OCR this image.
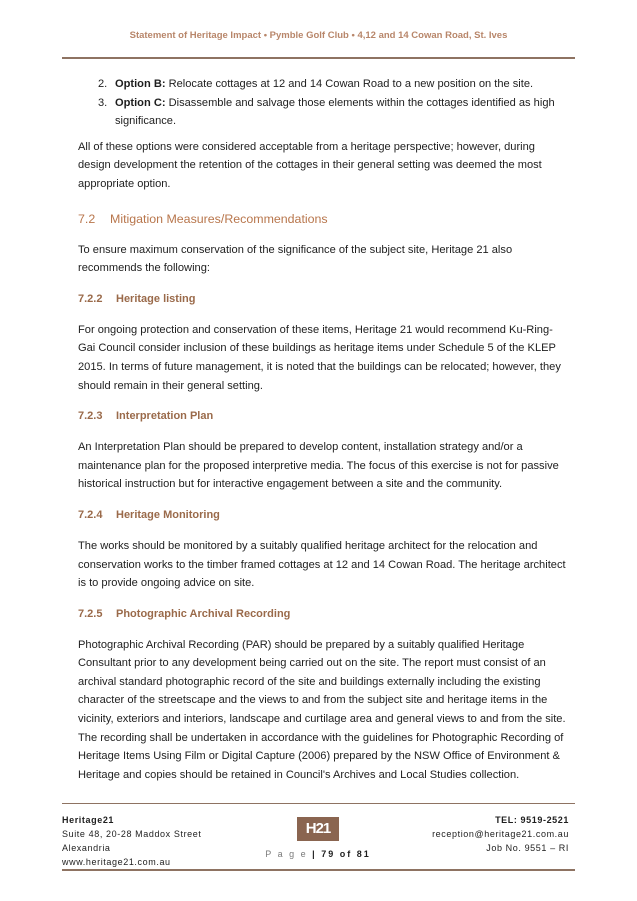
Statement of Heritage Impact • Pymble Golf Club • 4,12 and 14 Cowan Road, St. Ives
2. Option B: Relocate cottages at 12 and 14 Cowan Road to a new position on the site.
3. Option C: Disassemble and salvage those elements within the cottages identified as high significance.

All of these options were considered acceptable from a heritage perspective; however, during design development the retention of the cottages in their general setting was deemed the most appropriate option.

7.2 Mitigation Measures/Recommendations

To ensure maximum conservation of the significance of the subject site, Heritage 21 also recommends the following:

7.2.2 Heritage listing

For ongoing protection and conservation of these items, Heritage 21 would recommend Ku-Ring-Gai Council consider inclusion of these buildings as heritage items under Schedule 5 of the KLEP 2015. In terms of future management, it is noted that the buildings can be relocated; however, they should remain in their general setting.

7.2.3 Interpretation Plan

An Interpretation Plan should be prepared to develop content, installation strategy and/or a maintenance plan for the proposed interpretive media. The focus of this exercise is not for passive historical instruction but for interactive engagement between a site and the community.

7.2.4 Heritage Monitoring

The works should be monitored by a suitably qualified heritage architect for the relocation and conservation works to the timber framed cottages at 12 and 14 Cowan Road. The heritage architect is to provide ongoing advice on site.

7.2.5 Photographic Archival Recording

Photographic Archival Recording (PAR) should be prepared by a suitably qualified Heritage Consultant prior to any development being carried out on the site. The report must consist of an archival standard photographic record of the site and buildings externally including the existing character of the streetscape and the views to and from the subject site and heritage items in the vicinity, exteriors and interiors, landscape and curtilage area and general views to and from the site. The recording shall be undertaken in accordance with the guidelines for Photographic Recording of Heritage Items Using Film or Digital Capture (2006) prepared by the NSW Office of Environment & Heritage and copies should be retained in Council's Archives and Local Studies collection.

Heritage21
Suite 48, 20-28 Maddox Street
Alexandria
www.heritage21.com.au
H21
P a g e | 79 of 81
TEL: 9519-2521
reception@heritage21.com.au
Job No. 9551 – RI
